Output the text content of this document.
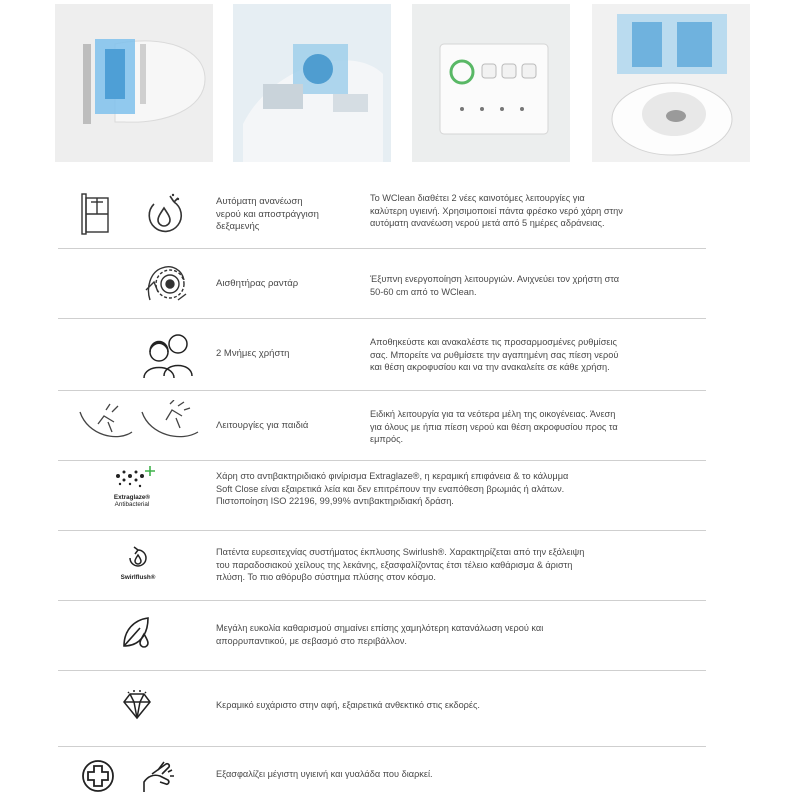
Αυτόματη ανανέωση
νερού και αποστράγγιση
δεξαμενής
Το WClean διαθέτει 2 νέες καινοτόμες λειτουργίες για
καλύτερη υγιεινή. Χρησιμοποιεί πάντα φρέσκο νερό χάρη στην
αυτόματη ανανέωση νερού μετά από 5 ημέρες αδράνειας.
Αισθητήρας ραντάρ	Έξυπνη ενεργοποίηση λειτουργιών. Ανιχνεύει τον χρήστη στα
50-60 cm από το WClean.
2 Μνήμες χρήστη
Αποθηκεύστε και ανακαλέστε τις προσαρμοσμένες ρυθμίσεις
σας. Μπορείτε να ρυθμίσετε την αγαπημένη σας πίεση νερού
και θέση ακροφυσίου και να την ανακαλείτε σε κάθε χρήση.
Λειτουργίες για παιδιά
Ειδική λειτουργία για τα νεότερα μέλη της οικογένειας. Άνεση
για όλους με ήπια πίεση νερού και θέση ακροφυσίου προς τα
εμπρός.
Extraglaze®
Antibacterial
Χάρη στο αντιβακτηριδιακό φινίρισμα Extraglaze®, η κεραμική επιφάνεια & το κάλυμμα
Soft Close είναι εξαιρετικά λεία και δεν επιτρέπουν την εναπόθεση βρωμιάς ή αλάτων.
Πιστοποίηση ISO 22196, 99,99% αντιβακτηριδιακή δράση.
Swirlflush®
Πατέντα ευρεσιτεχνίας συστήματος έκπλυσης Swirlush®. Χαρακτηρίζεται από την εξάλειψη
του παραδοσιακού χείλους της λεκάνης, εξασφαλίζοντας έτσι τέλειο καθάρισμα & άριστη
πλύση. Το πιο αθόρυβο σύστημα πλύσης στον κόσμο.
Μεγάλη ευκολία καθαρισμού σημαίνει επίσης χαμηλότερη κατανάλωση νερού και
απορρυπαντικού, με σεβασμό στο περιβάλλον.
Κεραμικό ευχάριστο στην αφή, εξαιρετικά ανθεκτικό στις εκδορές.
Εξασφαλίζει μέγιστη υγιεινή και γυαλάδα που διαρκεί.
